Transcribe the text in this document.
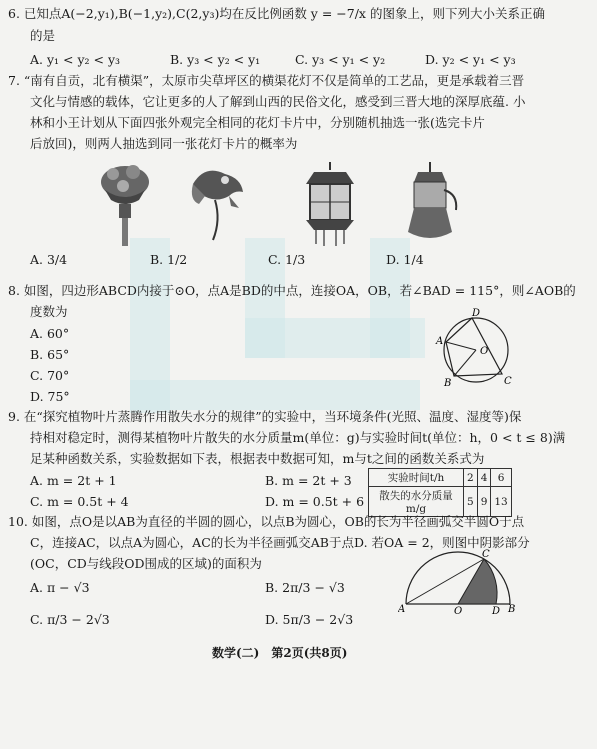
6. 已知点A(−2,y₁),B(−1,y₂),C(2,y₃)均在反比例函数 y = −7/x 的图象上，则下列大小关系正确
的是
A. y₁ < y₂ < y₃	B. y₃ < y₂ < y₁	C. y₃ < y₁ < y₂	D. y₂ < y₁ < y₃
7. “南有自贡，北有横渠”，太原市尖草坪区的横渠花灯不仅是简单的工艺品，更是承载着三晋
文化与情感的载体，它让更多的人了解到山西的民俗文化，感受到三晋大地的深厚底蕴. 小
林和小王计划从下面四张外观完全相同的花灯卡片中，分别随机抽选一张(选完卡片
后放回)，则两人抽选到同一张花灯卡片的概率为
A. 3/4	B. 1/2	C. 1/3	D. 1/4
8. 如图，四边形ABCD内接于⊙O，点A是BD的中点，连接OA，OB，若∠BAD = 115°，则∠AOB的
度数为
A. 60°
B. 65°
C. 70°
D. 75°
D
A
O
B	C
9. 在“探究植物叶片蒸腾作用散失水分的规律”的实验中，当环境条件(光照、温度、湿度等)保
持相对稳定时，测得某植物叶片散失的水分质量m(单位：g)与实验时间t(单位：h，0 < t ≤ 8)满
足某种函数关系，实验数据如下表，根据表中数据可知，m与t之间的函数关系式为
A. m = 2t + 1	B. m = 2t + 3
C. m = 0.5t + 4	D. m = 0.5t + 6
实验时间t/h	2	4	6
散失的水分质量m/g	5	9	13
10. 如图，点O是以AB为直径的半圆的圆心，以点B为圆心，OB的长为半径画弧交半圆O于点
C，连接AC，以点A为圆心，AC的长为半径画弧交AB于点D. 若OA = 2，则图中阴影部分
(OC，CD与线段OD围成的区域)的面积为
A. π − √3	B. 2π/3 − √3
C. π/3 − 2√3	D. 5π/3 − 2√3
C
A	O	D B
数学(二)　第2页(共8页)
